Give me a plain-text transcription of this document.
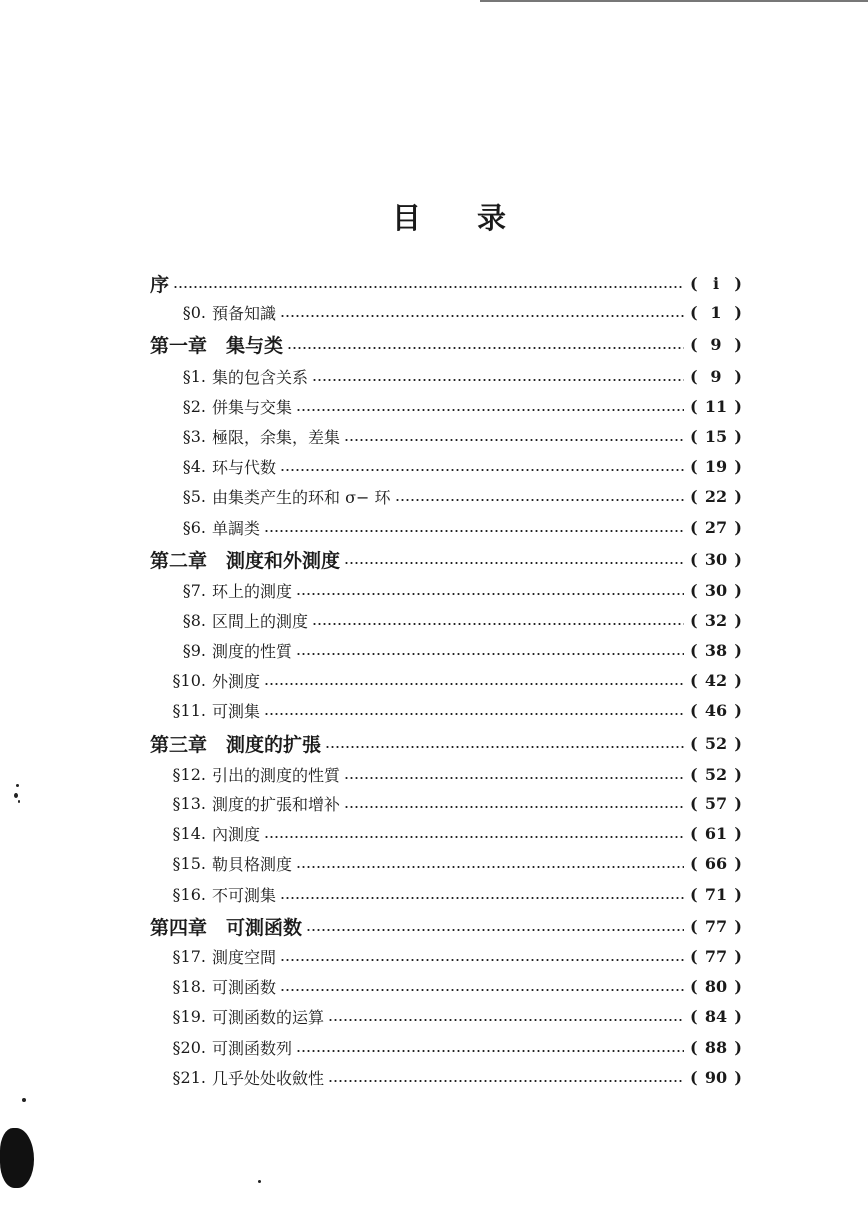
目 录
序	( i )
§0. 預备知識	( 1 )
第一章　集与类	( 9 )
§1. 集的包含关系	( 9 )
§2. 併集与交集	( 11 )
§3. 極限，余集，差集	( 15 )
§4. 环与代数	( 19 )
§5. 由集类产生的环和 σ− 环	( 22 )
§6. 单調类	( 27 )
第二章　測度和外測度	( 30 )
§7. 环上的測度	( 30 )
§8. 区間上的測度	( 32 )
§9. 測度的性質	( 38 )
§10. 外測度	( 42 )
§11. 可測集	( 46 )
第三章　測度的扩張	( 52 )
§12. 引出的測度的性質	( 52 )
§13. 測度的扩張和增补	( 57 )
§14. 內測度	( 61 )
§15. 勒貝格測度	( 66 )
§16. 不可測集	( 71 )
第四章　可測函数	( 77 )
§17. 測度空間	( 77 )
§18. 可測函数	( 80 )
§19. 可測函数的运算	( 84 )
§20. 可測函数列	( 88 )
§21. 几乎处处收斂性	( 90 )
